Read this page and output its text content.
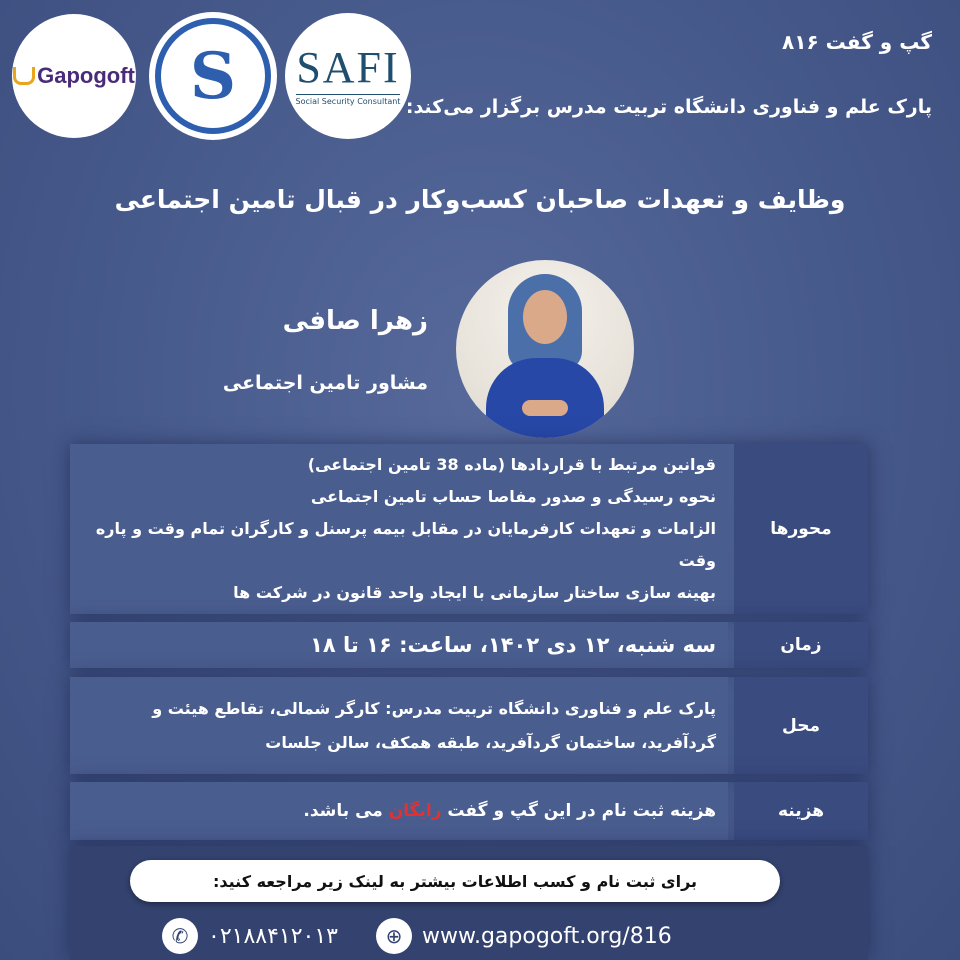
Gapogoft S SAFI
Social Security Consultant
گپ و گفت ۸۱۶
پارک علم و فناوری دانشگاه تربیت مدرس برگزار می‌کند:
وظایف و تعهدات صاحبان کسب‌وکار در قبال تامین اجتماعی
زهرا صافی
مشاور تامین اجتماعی
محورها
قوانین مرتبط با قراردادها (ماده 38 تامین اجتماعی)
نحوه رسیدگی و صدور مفاصا حساب تامین اجتماعی
الزامات و تعهدات کارفرمایان در مقابل بیمه پرسنل و کارگران تمام وقت و پاره وقت
بهینه سازی ساختار سازمانی با ایجاد واحد قانون در شرکت ها
زمان
سه شنبه، ۱۲ دی ۱۴۰۲، ساعت: ۱۶ تا ۱۸
محل
پارک علم و فناوری دانشگاه تربیت مدرس: کارگر شمالی، تقاطع هیئت و
گردآفرید، ساختمان گردآفرید، طبقه همکف، سالن جلسات
هزینه
هزینه ثبت نام در این گپ و گفت رایگان می باشد.
برای ثبت نام و کسب اطلاعات بیشتر به لینک زیر مراجعه کنید:
✆ ۰۲۱۸۸۴۱۲۰۱۳	⊕ www.gapogoft.org/816
